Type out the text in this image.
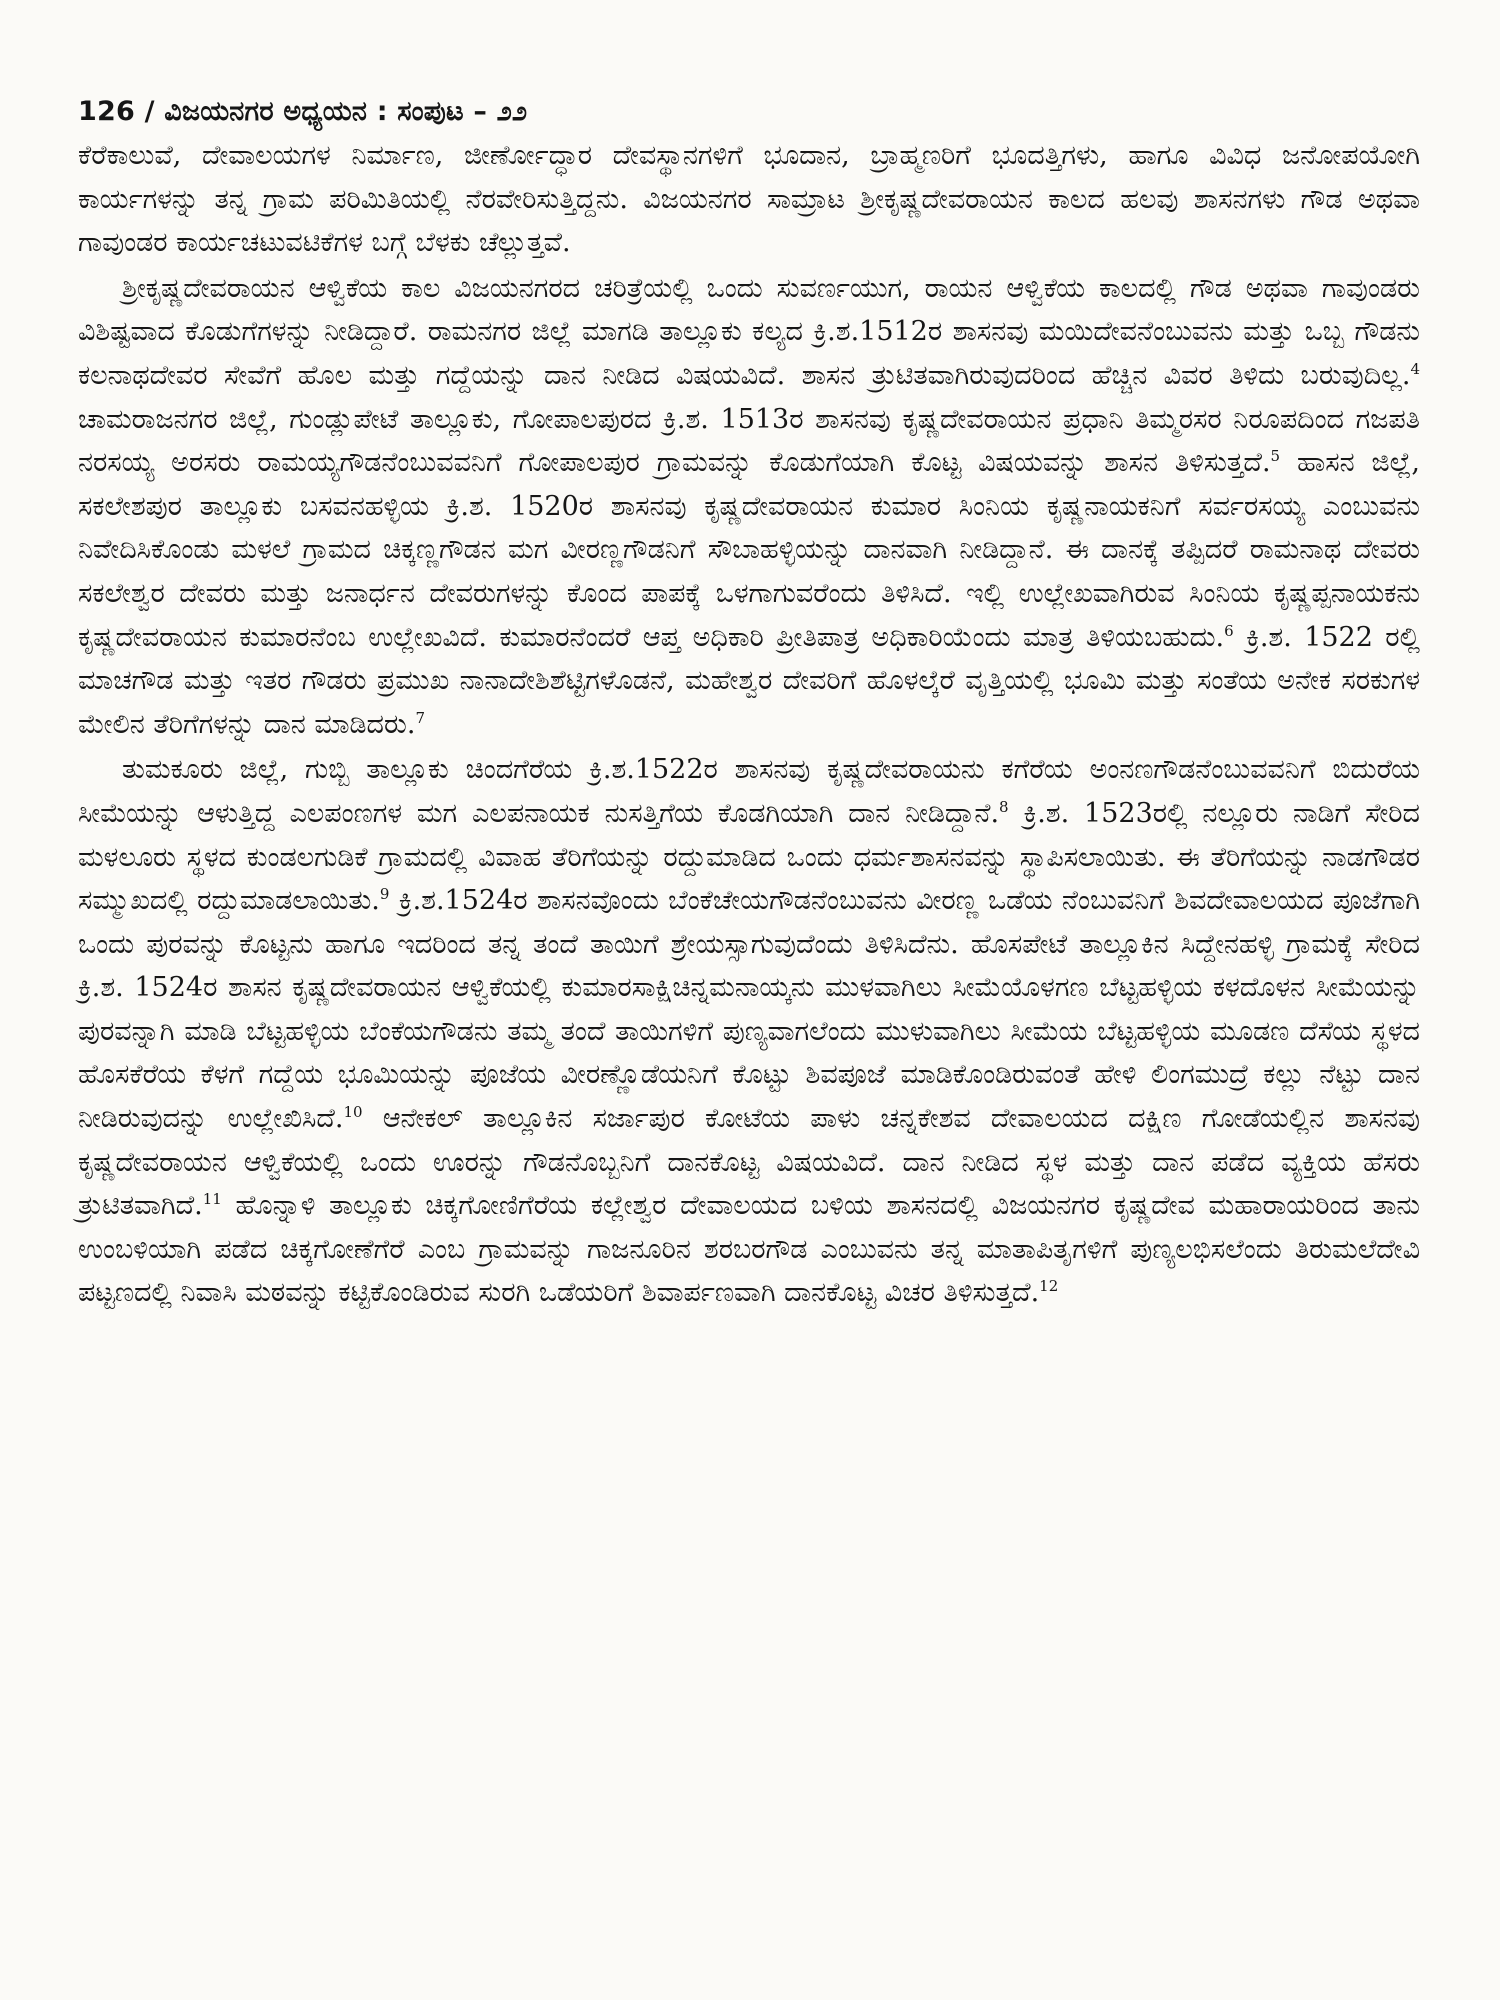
126 / ವಿಜಯನಗರ ಅಧ್ಯಯನ : ಸಂಪುಟ – ೨೨

ಕೆರೆಕಾಲುವೆ, ದೇವಾಲಯಗಳ ನಿರ್ಮಾಣ, ಜೀರ್ಣೋದ್ಧಾರ ದೇವಸ್ಥಾನಗಳಿಗೆ ಭೂದಾನ, ಬ್ರಾಹ್ಮಣರಿಗೆ ಭೂದತ್ತಿಗಳು, ಹಾಗೂ ವಿವಿಧ ಜನೋಪಯೋಗಿ ಕಾರ್ಯಗಳನ್ನು ತನ್ನ ಗ್ರಾಮ ಪರಿಮಿತಿಯಲ್ಲಿ ನೆರವೇರಿಸುತ್ತಿದ್ದನು. ವಿಜಯನಗರ ಸಾಮ್ರಾಟ ಶ್ರೀಕೃಷ್ಣದೇವರಾಯನ ಕಾಲದ ಹಲವು ಶಾಸನಗಳು ಗೌಡ ಅಥವಾ ಗಾವುಂಡರ ಕಾರ್ಯಚಟುವಟಿಕೆಗಳ ಬಗ್ಗೆ ಬೆಳಕು ಚೆಲ್ಲುತ್ತವೆ.

ಶ್ರೀಕೃಷ್ಣದೇವರಾಯನ ಆಳ್ವಿಕೆಯ ಕಾಲ ವಿಜಯನಗರದ ಚರಿತ್ರೆಯಲ್ಲಿ ಒಂದು ಸುವರ್ಣಯುಗ, ರಾಯನ ಆಳ್ವಿಕೆಯ ಕಾಲದಲ್ಲಿ ಗೌಡ ಅಥವಾ ಗಾವುಂಡರು ವಿಶಿಷ್ಟವಾದ ಕೊಡುಗೆಗಳನ್ನು ನೀಡಿದ್ದಾರೆ. ರಾಮನಗರ ಜಿಲ್ಲೆ ಮಾಗಡಿ ತಾಲ್ಲೂಕು ಕಲ್ಯದ ಕ್ರಿ.ಶ.1512ರ ಶಾಸನವು ಮಯಿದೇವನೆಂಬುವನು ಮತ್ತು ಒಬ್ಬ ಗೌಡನು ಕಲನಾಥದೇವರ ಸೇವೆಗೆ ಹೊಲ ಮತ್ತು ಗದ್ದೆಯನ್ನು ದಾನ ನೀಡಿದ ವಿಷಯವಿದೆ. ಶಾಸನ ತ್ರುಟಿತವಾಗಿರುವುದರಿಂದ ಹೆಚ್ಚಿನ ವಿವರ ತಿಳಿದು ಬರುವುದಿಲ್ಲ.$^4$ ಚಾಮರಾಜನಗರ ಜಿಲ್ಲೆ, ಗುಂಡ್ಲುಪೇಟೆ ತಾಲ್ಲೂಕು, ಗೋಪಾಲಪುರದ ಕ್ರಿ.ಶ. 1513ರ ಶಾಸನವು ಕೃಷ್ಣದೇವರಾಯನ ಪ್ರಧಾನಿ ತಿಮ್ಮರಸರ ನಿರೂಪದಿಂದ ಗಜಪತಿ ನರಸಯ್ಯ ಅರಸರು ರಾಮಯ್ಯಗೌಡನೆಂಬುವವನಿಗೆ ಗೋಪಾಲಪುರ ಗ್ರಾಮವನ್ನು ಕೊಡುಗೆಯಾಗಿ ಕೊಟ್ಟ ವಿಷಯವನ್ನು ಶಾಸನ ತಿಳಿಸುತ್ತದೆ.$^5$ ಹಾಸನ ಜಿಲ್ಲೆ, ಸಕಲೇಶಪುರ ತಾಲ್ಲೂಕು ಬಸವನಹಳ್ಳಿಯ ಕ್ರಿ.ಶ. 1520ರ ಶಾಸನವು ಕೃಷ್ಣದೇವರಾಯನ ಕುಮಾರ ಸಿಂನಿಯ ಕೃಷ್ಣನಾಯಕನಿಗೆ ಸರ್ವರಸಯ್ಯ ಎಂಬುವನು ನಿವೇದಿಸಿಕೊಂಡು ಮಳಲೆ ಗ್ರಾಮದ ಚಿಕ್ಕಣ್ಣಗೌಡನ ಮಗ ವೀರಣ್ಣಗೌಡನಿಗೆ ಸೌಬಾಹಳ್ಳಿಯನ್ನು ದಾನವಾಗಿ ನೀಡಿದ್ದಾನೆ. ಈ ದಾನಕ್ಕೆ ತಪ್ಪಿದರೆ ರಾಮನಾಥ ದೇವರು ಸಕಲೇಶ್ವರ ದೇವರು ಮತ್ತು ಜನಾರ್ಧನ ದೇವರುಗಳನ್ನು ಕೊಂದ ಪಾಪಕ್ಕೆ ಒಳಗಾಗುವರೆಂದು ತಿಳಿಸಿದೆ. ಇಲ್ಲಿ ಉಲ್ಲೇಖವಾಗಿರುವ ಸಿಂನಿಯ ಕೃಷ್ಣಪ್ಪನಾಯಕನು ಕೃಷ್ಣದೇವರಾಯನ ಕುಮಾರನೆಂಬ ಉಲ್ಲೇಖವಿದೆ. ಕುಮಾರನೆಂದರೆ ಆಪ್ತ ಅಧಿಕಾರಿ ಪ್ರೀತಿಪಾತ್ರ ಅಧಿಕಾರಿಯೆಂದು ಮಾತ್ರ ತಿಳಿಯಬಹುದು.$^6$ ಕ್ರಿ.ಶ. 1522 ರಲ್ಲಿ ಮಾಚಗೌಡ ಮತ್ತು ಇತರ ಗೌಡರು ಪ್ರಮುಖ ನಾನಾದೇಶಿಶೆಟ್ಟಿಗಳೊಡನೆ, ಮಹೇಶ್ವರ ದೇವರಿಗೆ ಹೊಳಲ್ಕೆರೆ ವೃತ್ತಿಯಲ್ಲಿ ಭೂಮಿ ಮತ್ತು ಸಂತೆಯ ಅನೇಕ ಸರಕುಗಳ ಮೇಲಿನ ತೆರಿಗೆಗಳನ್ನು ದಾನ ಮಾಡಿದರು.$^7$

ತುಮಕೂರು ಜಿಲ್ಲೆ, ಗುಬ್ಬಿ ತಾಲ್ಲೂಕು ಚಿಂದಗೆರೆಯ ಕ್ರಿ.ಶ.1522ರ ಶಾಸನವು ಕೃಷ್ಣದೇವರಾಯನು ಕಗೆರೆಯ ಅಂನಣಗೌಡನೆಂಬುವವನಿಗೆ ಬಿದುರೆಯ ಸೀಮೆಯನ್ನು ಆಳುತ್ತಿದ್ದ ಎಲಪಂಣಗಳ ಮಗ ಎಲಪನಾಯಕ ನುಸತ್ತಿಗೆಯ ಕೊಡಗಿಯಾಗಿ ದಾನ ನೀಡಿದ್ದಾನೆ.$^8$ ಕ್ರಿ.ಶ. 1523ರಲ್ಲಿ ನಲ್ಲೂರು ನಾಡಿಗೆ ಸೇರಿದ ಮಳಲೂರು ಸ್ಥಳದ ಕುಂಡಲಗುಡಿಕೆ ಗ್ರಾಮದಲ್ಲಿ ವಿವಾಹ ತೆರಿಗೆಯನ್ನು ರದ್ದುಮಾಡಿದ ಒಂದು ಧರ್ಮಶಾಸನವನ್ನು ಸ್ಥಾಪಿಸಲಾಯಿತು. ಈ ತೆರಿಗೆಯನ್ನು ನಾಡಗೌಡರ ಸಮ್ಮುಖದಲ್ಲಿ ರದ್ದುಮಾಡಲಾಯಿತು.$^9$ ಕ್ರಿ.ಶ.1524ರ ಶಾಸನವೊಂದು ಬೆಂಕೆಚೇಯಗೌಡನೆಂಬುವನು ವೀರಣ್ಣ ಒಡೆಯ ನೆಂಬುವನಿಗೆ ಶಿವದೇವಾಲಯದ ಪೂಜೆಗಾಗಿ ಒಂದು ಪುರವನ್ನು ಕೊಟ್ಟನು ಹಾಗೂ ಇದರಿಂದ ತನ್ನ ತಂದೆ ತಾಯಿಗೆ ಶ್ರೇಯಸ್ಸಾಗುವುದೆಂದು ತಿಳಿಸಿದೆನು. ಹೊಸಪೇಟೆ ತಾಲ್ಲೂಕಿನ ಸಿದ್ದೇನಹಳ್ಳಿ ಗ್ರಾಮಕ್ಕೆ ಸೇರಿದ ಕ್ರಿ.ಶ. 1524ರ ಶಾಸನ ಕೃಷ್ಣದೇವರಾಯನ ಆಳ್ವಿಕೆಯಲ್ಲಿ ಕುಮಾರಸಾಕ್ಷಿಚಿನ್ನಮನಾಯ್ಕನು ಮುಳವಾಗಿಲು ಸೀಮೆಯೊಳಗಣ ಬೆಟ್ಟಹಳ್ಳಿಯ ಕಳದೊಳನ ಸೀಮೆಯನ್ನು ಪುರವನ್ನಾಗಿ ಮಾಡಿ ಬೆಟ್ಟಹಳ್ಳಿಯ ಬೆಂಕೆಯಗೌಡನು ತಮ್ಮ ತಂದೆ ತಾಯಿಗಳಿಗೆ ಪುಣ್ಯವಾಗಲೆಂದು ಮುಳುವಾಗಿಲು ಸೀಮೆಯ ಬೆಟ್ಟಹಳ್ಳಿಯ ಮೂಡಣ ದೆಸೆಯ ಸ್ಥಳದ ಹೊಸಕೆರೆಯ ಕೆಳಗೆ ಗದ್ದೆಯ ಭೂಮಿಯನ್ನು ಪೂಜೆಯ ವೀರಣ್ಣೊಡೆಯನಿಗೆ ಕೊಟ್ಟು ಶಿವಪೂಜೆ ಮಾಡಿಕೊಂಡಿರುವಂತೆ ಹೇಳಿ ಲಿಂಗಮುದ್ರೆ ಕಲ್ಲು ನೆಟ್ಟು ದಾನ ನೀಡಿರುವುದನ್ನು ಉಲ್ಲೇಖಿಸಿದೆ.$^{10}$ ಆನೇಕಲ್ ತಾಲ್ಲೂಕಿನ ಸರ್ಜಾಪುರ ಕೋಟೆಯ ಪಾಳು ಚನ್ನಕೇಶವ ದೇವಾಲಯದ ದಕ್ಷಿಣ ಗೋಡೆಯಲ್ಲಿನ ಶಾಸನವು ಕೃಷ್ಣದೇವರಾಯನ ಆಳ್ವಿಕೆಯಲ್ಲಿ ಒಂದು ಊರನ್ನು ಗೌಡನೊಬ್ಬನಿಗೆ ದಾನಕೊಟ್ಟ ವಿಷಯವಿದೆ. ದಾನ ನೀಡಿದ ಸ್ಥಳ ಮತ್ತು ದಾನ ಪಡೆದ ವ್ಯಕ್ತಿಯ ಹೆಸರು ತ್ರುಟಿತವಾಗಿದೆ.$^{11}$ ಹೊನ್ನಾಳಿ ತಾಲ್ಲೂಕು ಚಿಕ್ಕಗೋಣಿಗೆರೆಯ ಕಲ್ಲೇಶ್ವರ ದೇವಾಲಯದ ಬಳಿಯ ಶಾಸನದಲ್ಲಿ ವಿಜಯನಗರ ಕೃಷ್ಣದೇವ ಮಹಾರಾಯರಿಂದ ತಾನು ಉಂಬಳಿಯಾಗಿ ಪಡೆದ ಚಿಕ್ಕಗೋಣೆಗೆರೆ ಎಂಬ ಗ್ರಾಮವನ್ನು ಗಾಜನೂರಿನ ಶರಬರಗೌಡ ಎಂಬುವನು ತನ್ನ ಮಾತಾಪಿತೃಗಳಿಗೆ ಪುಣ್ಯಲಭಿಸಲೆಂದು ತಿರುಮಲೆದೇವಿ ಪಟ್ಟಣದಲ್ಲಿ ನಿವಾಸಿ ಮಠವನ್ನು ಕಟ್ಟಿಕೊಂಡಿರುವ ಸುರಗಿ ಒಡೆಯರಿಗೆ ಶಿವಾರ್ಪಣವಾಗಿ ದಾನಕೊಟ್ಟ ವಿಚರ ತಿಳಿಸುತ್ತದೆ.$^{12}$
